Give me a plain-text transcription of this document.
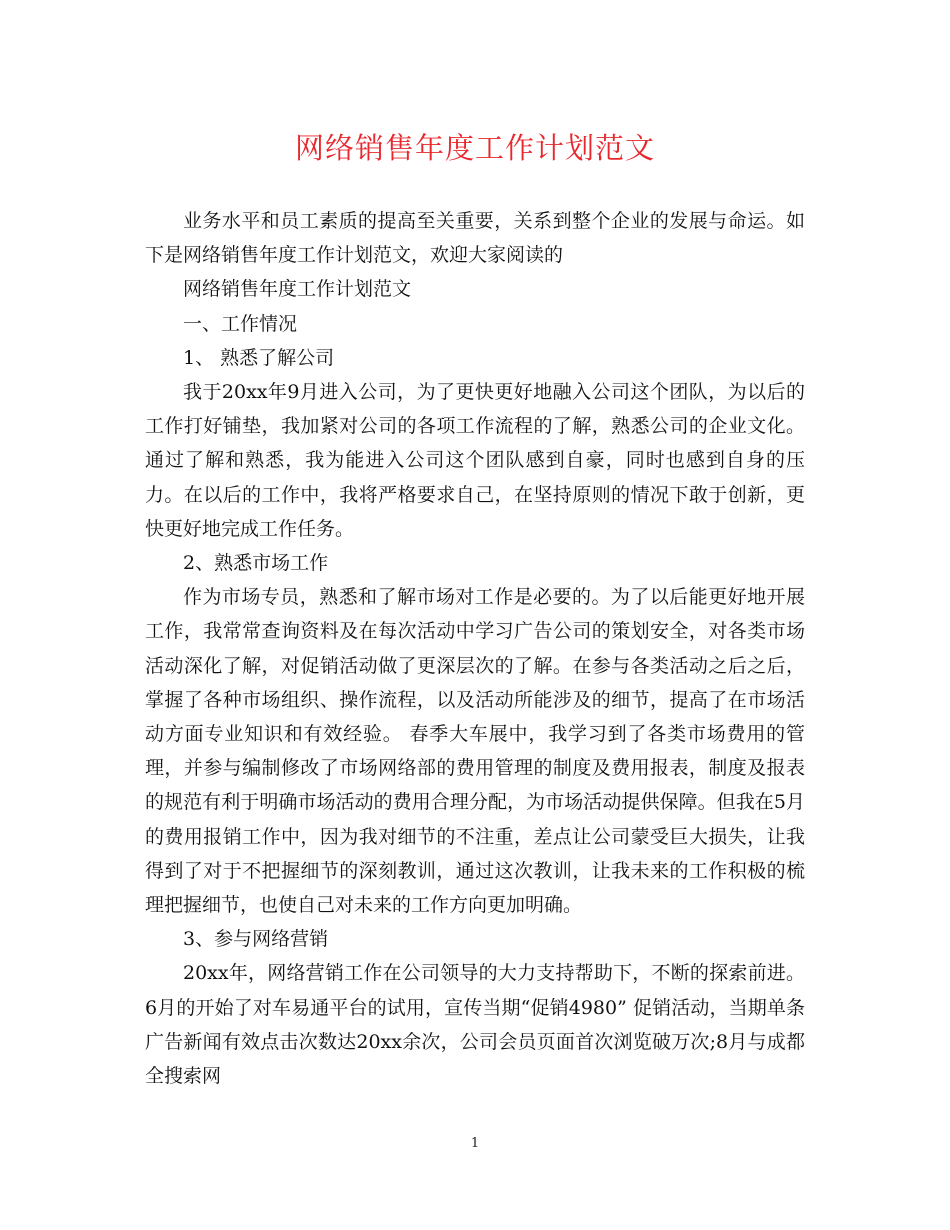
网络销售年度工作计划范文

业务水平和员工素质的提高至关重要，关系到整个企业的发展与命运。如下是网络销售年度工作计划范文，欢迎大家阅读的

网络销售年度工作计划范文

一、工作情况

1、 熟悉了解公司

我于20xx年9月进入公司，为了更快更好地融入公司这个团队，为以后的工作打好铺垫，我加紧对公司的各项工作流程的了解，熟悉公司的企业文化。通过了解和熟悉，我为能进入公司这个团队感到自豪，同时也感到自身的压力。在以后的工作中，我将严格要求自己，在坚持原则的情况下敢于创新，更快更好地完成工作任务。

2、熟悉市场工作

作为市场专员，熟悉和了解市场对工作是必要的。为了以后能更好地开展工作，我常常查询资料及在每次活动中学习广告公司的策划安全，对各类市场活动深化了解，对促销活动做了更深层次的了解。在参与各类活动之后之后，掌握了各种市场组织、操作流程，以及活动所能涉及的细节，提高了在市场活动方面专业知识和有效经验。 春季大车展中，我学习到了各类市场费用的管理，并参与编制修改了市场网络部的费用管理的制度及费用报表，制度及报表的规范有利于明确市场活动的费用合理分配，为市场活动提供保障。但我在5月的费用报销工作中，因为我对细节的不注重，差点让公司蒙受巨大损失，让我得到了对于不把握细节的深刻教训，通过这次教训，让我未来的工作积极的梳理把握细节，也使自己对未来的工作方向更加明确。

3、参与网络营销

20xx年，网络营销工作在公司领导的大力支持帮助下，不断的探索前进。6月的开始了对车易通平台的试用，宣传当期“促销4980” 促销活动，当期单条广告新闻有效点击次数达20xx余次，公司会员页面首次浏览破万次;8月与成都全搜索网

1
